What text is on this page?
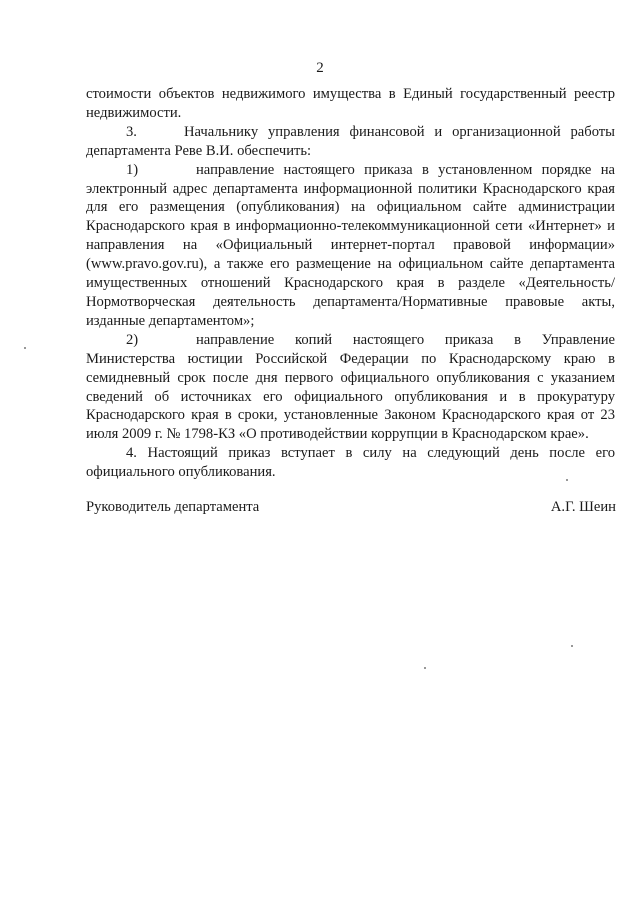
2

стоимости объектов недвижимого имущества в Единый государственный реестр недвижимости.

3.	Начальнику управления финансовой и организационной работы департамента Реве В.И. обеспечить:

1)	направление настоящего приказа в установленном порядке на электронный адрес департамента информационной политики Краснодарского края для его размещения (опубликования) на официальном сайте администрации Краснодарского края в информационно-телекоммуникационной сети «Интернет» и направления на «Официальный интернет-портал правовой информации» (www.pravo.gov.ru), а также его размещение на официальном сайте департамента имущественных отношений Краснодарского края в разделе «Деятельность/Нормотворческая деятельность департамента/Нормативные правовые акты, изданные департаментом»;

2)	направление копий настоящего приказа в Управление Министерства юстиции Российской Федерации по Краснодарскому краю в семидневный срок после дня первого официального опубликования с указанием сведений об источниках его официального опубликования и в прокуратуру Краснодарского края в сроки, установленные Законом Краснодарского края от 23 июля 2009 г. № 1798-КЗ «О противодействии коррупции в Краснодарском крае».

4. Настоящий приказ вступает в силу на следующий день после его официального опубликования.

Руководитель департамента	А.Г. Шеин
